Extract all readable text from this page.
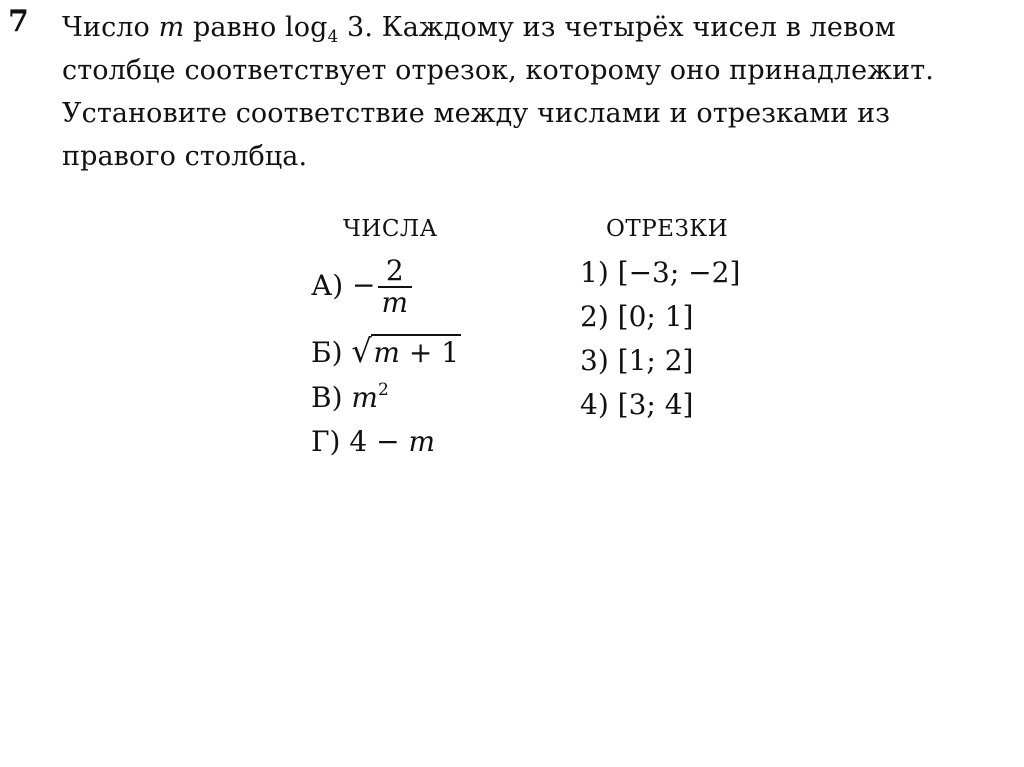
7 Число m равно $\log_4 3$. Каждому из четырёх чисел в левом
столбце соответствует отрезок, которому оно принадлежит.
Установите соответствие между числами и отрезками из
правого столбца.
ЧИСЛА
$А) - \frac{2}{m}$
Б) √ m + 1
В) $m^2$
Г) 4 − m
ОТРЕЗКИ
1) [−3; −2]
2) [0; 1]
3) [1; 2]
4) [3; 4]
